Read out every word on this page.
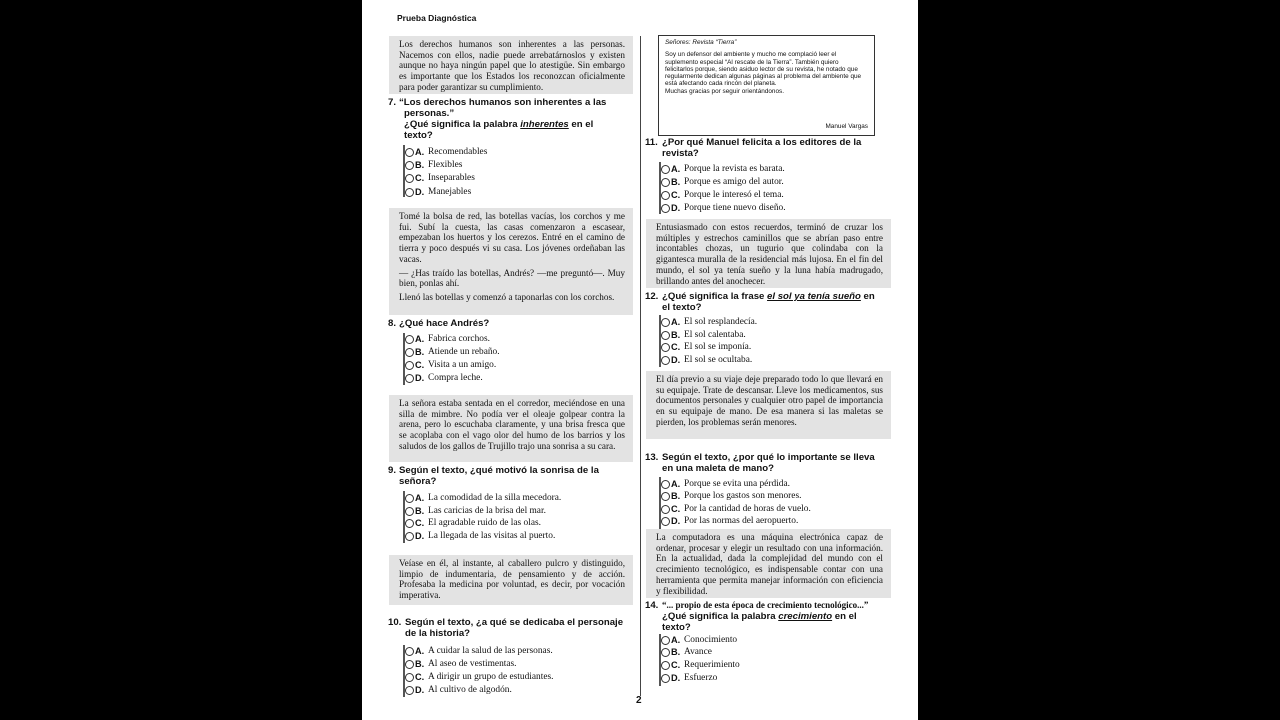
Prueba Diagnóstica

Los derechos humanos son inherentes a las personas. Nacemos con ellos, nadie puede arrebatárnoslos y existen aunque no haya ningún papel que lo atestigüe. Sin embargo es importante que los Estados los reconozcan oficialmente para poder garantizar su cumplimiento.

7. “Los derechos humanos son inherentes a las
personas.”
¿Qué significa la palabra inherentes en el
texto?
A. Recomendables
B. Flexibles
C. Inseparables
D. Manejables

Tomé la bolsa de red, las botellas vacías, los corchos y me fui. Subí la cuesta, las casas comenzaron a escasear, empezaban los huertos y los cerezos. Entré en el camino de tierra y poco después vi su casa. Los jóvenes ordeñaban las vacas.

— ¿Has traído las botellas, Andrés? —me preguntó—. Muy bien, ponlas ahí.

Llenó las botellas y comenzó a taponarlas con los corchos.

8. ¿Qué hace Andrés?
A. Fabrica corchos.
B. Atiende un rebaño.
C. Visita a un amigo.
D. Compra leche.

La señora estaba sentada en el corredor, meciéndose en una silla de mimbre. No podía ver el oleaje golpear contra la arena, pero lo escuchaba claramente, y una brisa fresca que se acoplaba con el vago olor del humo de los barrios y los saludos de los gallos de Trujillo trajo una sonrisa a su cara.

9. Según el texto, ¿qué motivó la sonrisa de la
señora?
A. La comodidad de la silla mecedora.
B. Las caricias de la brisa del mar.
C. El agradable ruido de las olas.
D. La llegada de las visitas al puerto.

Veíase en él, al instante, al caballero pulcro y distinguido, limpio de indumentaria, de pensamiento y de acción. Profesaba la medicina por voluntad, es decir, por vocación imperativa.

10. Según el texto, ¿a qué se dedicaba el personaje
de la historia?
A. A cuidar la salud de las personas.
B. Al aseo de vestimentas.
C. A dirigir un grupo de estudiantes.
D. Al cultivo de algodón.
Señores: Revista “Tierra”

Soy un defensor del ambiente y mucho me complació leer el suplemento especial “Al rescate de la Tierra”. También quiero felicitarlos porque, siendo asiduo lector de su revista, he notado que regularmente dedican algunas páginas al problema del ambiente que está afectando cada rincón del planeta.

Muchas gracias por seguir orientándonos.

Manuel Vargas
11. ¿Por qué Manuel felicita a los editores de la
revista?
A. Porque la revista es barata.
B. Porque es amigo del autor.
C. Porque le interesó el tema.
D. Porque tiene nuevo diseño.

Entusiasmado con estos recuerdos, terminó de cruzar los múltiples y estrechos caminillos que se abrían paso entre incontables chozas, un tugurio que colindaba con la gigantesca muralla de la residencial más lujosa. En el fin del mundo, el sol ya tenía sueño y la luna había madrugado, brillando antes del anochecer.

12. ¿Qué significa la frase el sol ya tenía sueño en
el texto?
A. El sol resplandecía.
B. El sol calentaba.
C. El sol se imponía.
D. El sol se ocultaba.

El día previo a su viaje deje preparado todo lo que llevará en su equipaje. Trate de descansar. Lleve los medicamentos, sus documentos personales y cualquier otro papel de importancia en su equipaje de mano. De esa manera si las maletas se pierden, los problemas serán menores.

13. Según el texto, ¿por qué lo importante se lleva
en una maleta de mano?
A. Porque se evita una pérdida.
B. Porque los gastos son menores.
C. Por la cantidad de horas de vuelo.
D. Por las normas del aeropuerto.

La computadora es una máquina electrónica capaz de ordenar, procesar y elegir un resultado con una información. En la actualidad, dada la complejidad del mundo con el crecimiento tecnológico, es indispensable contar con una herramienta que permita manejar información con eficiencia y flexibilidad.

14. “... propio de esta época de crecimiento tecnológico...”
¿Qué significa la palabra crecimiento en el
texto?
A. Conocimiento
B. Avance
C. Requerimiento
D. Esfuerzo
2
